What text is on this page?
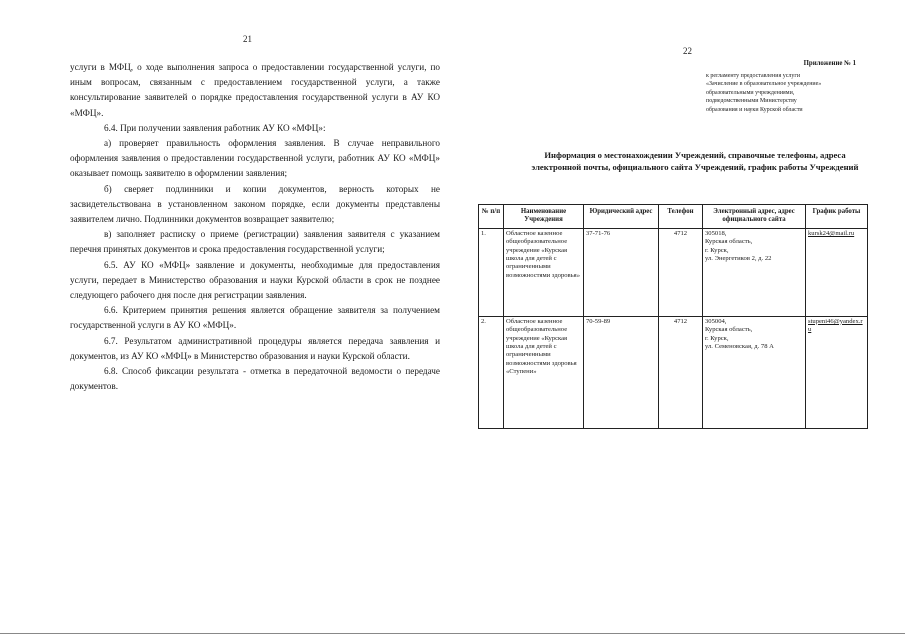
21

услуги в МФЦ, о ходе выполнения запроса о предоставлении государственной услуги, по иным вопросам, связанным с предоставлением государственной услуги, а также консультирование заявителей о порядке предоставления государственной услуги в АУ КО «МФЦ».

6.4. При получении заявления работник АУ КО «МФЦ»:

а) проверяет правильность оформления заявления. В случае неправильного оформления заявления о предоставлении государственной услуги, работник АУ КО «МФЦ» оказывает помощь заявителю в оформлении заявления;

б) сверяет подлинники и копии документов, верность которых не засвидетельствована в установленном законом порядке, если документы представлены заявителем лично. Подлинники документов возвращает заявителю;

в) заполняет расписку о приеме (регистрации) заявления заявителя с указанием перечня принятых документов и срока предоставления государственной услуги;

6.5. АУ КО «МФЦ» заявление и документы, необходимые для предоставления услуги, передает в Министерство образования и науки Курской области в срок не позднее следующего рабочего дня после дня регистрации заявления.

6.6. Критерием принятия решения является обращение заявителя за получением государственной услуги в АУ КО «МФЦ».

6.7. Результатом административной процедуры является передача заявления и документов, из АУ КО «МФЦ» в Министерство образования и науки Курской области.

6.8. Способ фиксации результата - отметка в передаточной ведомости о передаче документов.

22
Приложение № 1
к регламенту предоставления услуги
«Зачисление в образовательное учреждение»
образовательными учреждениями,
подведомственными Министерству
образования и науки Курской области
Информация о местонахождении Учреждений, справочные телефоны, адреса электронной почты, официального сайта Учреждений, график работы Учреждений
№ п/п	Наименование Учреждения	Юридический адрес	Телефон	Электронный адрес, адрес официального сайта	График работы
1.	Областное казенное общеобразовательное учреждение «Курская школа для детей с ограниченными возможностями здоровья»	37-71-76	4712	305018,
Курская область,
г. Курск,
ул. Энергетиков 2, д. 22	kursk24@mail.ru
2.	Областное казенное общеобразовательное учреждение «Курская школа для детей с ограниченными возможностями здоровья «Ступени»	70-59-89	4712	305004,
Курская область,
г. Курск,
ул. Семеновская, д. 78 А	stupeni46@yandex.ru
